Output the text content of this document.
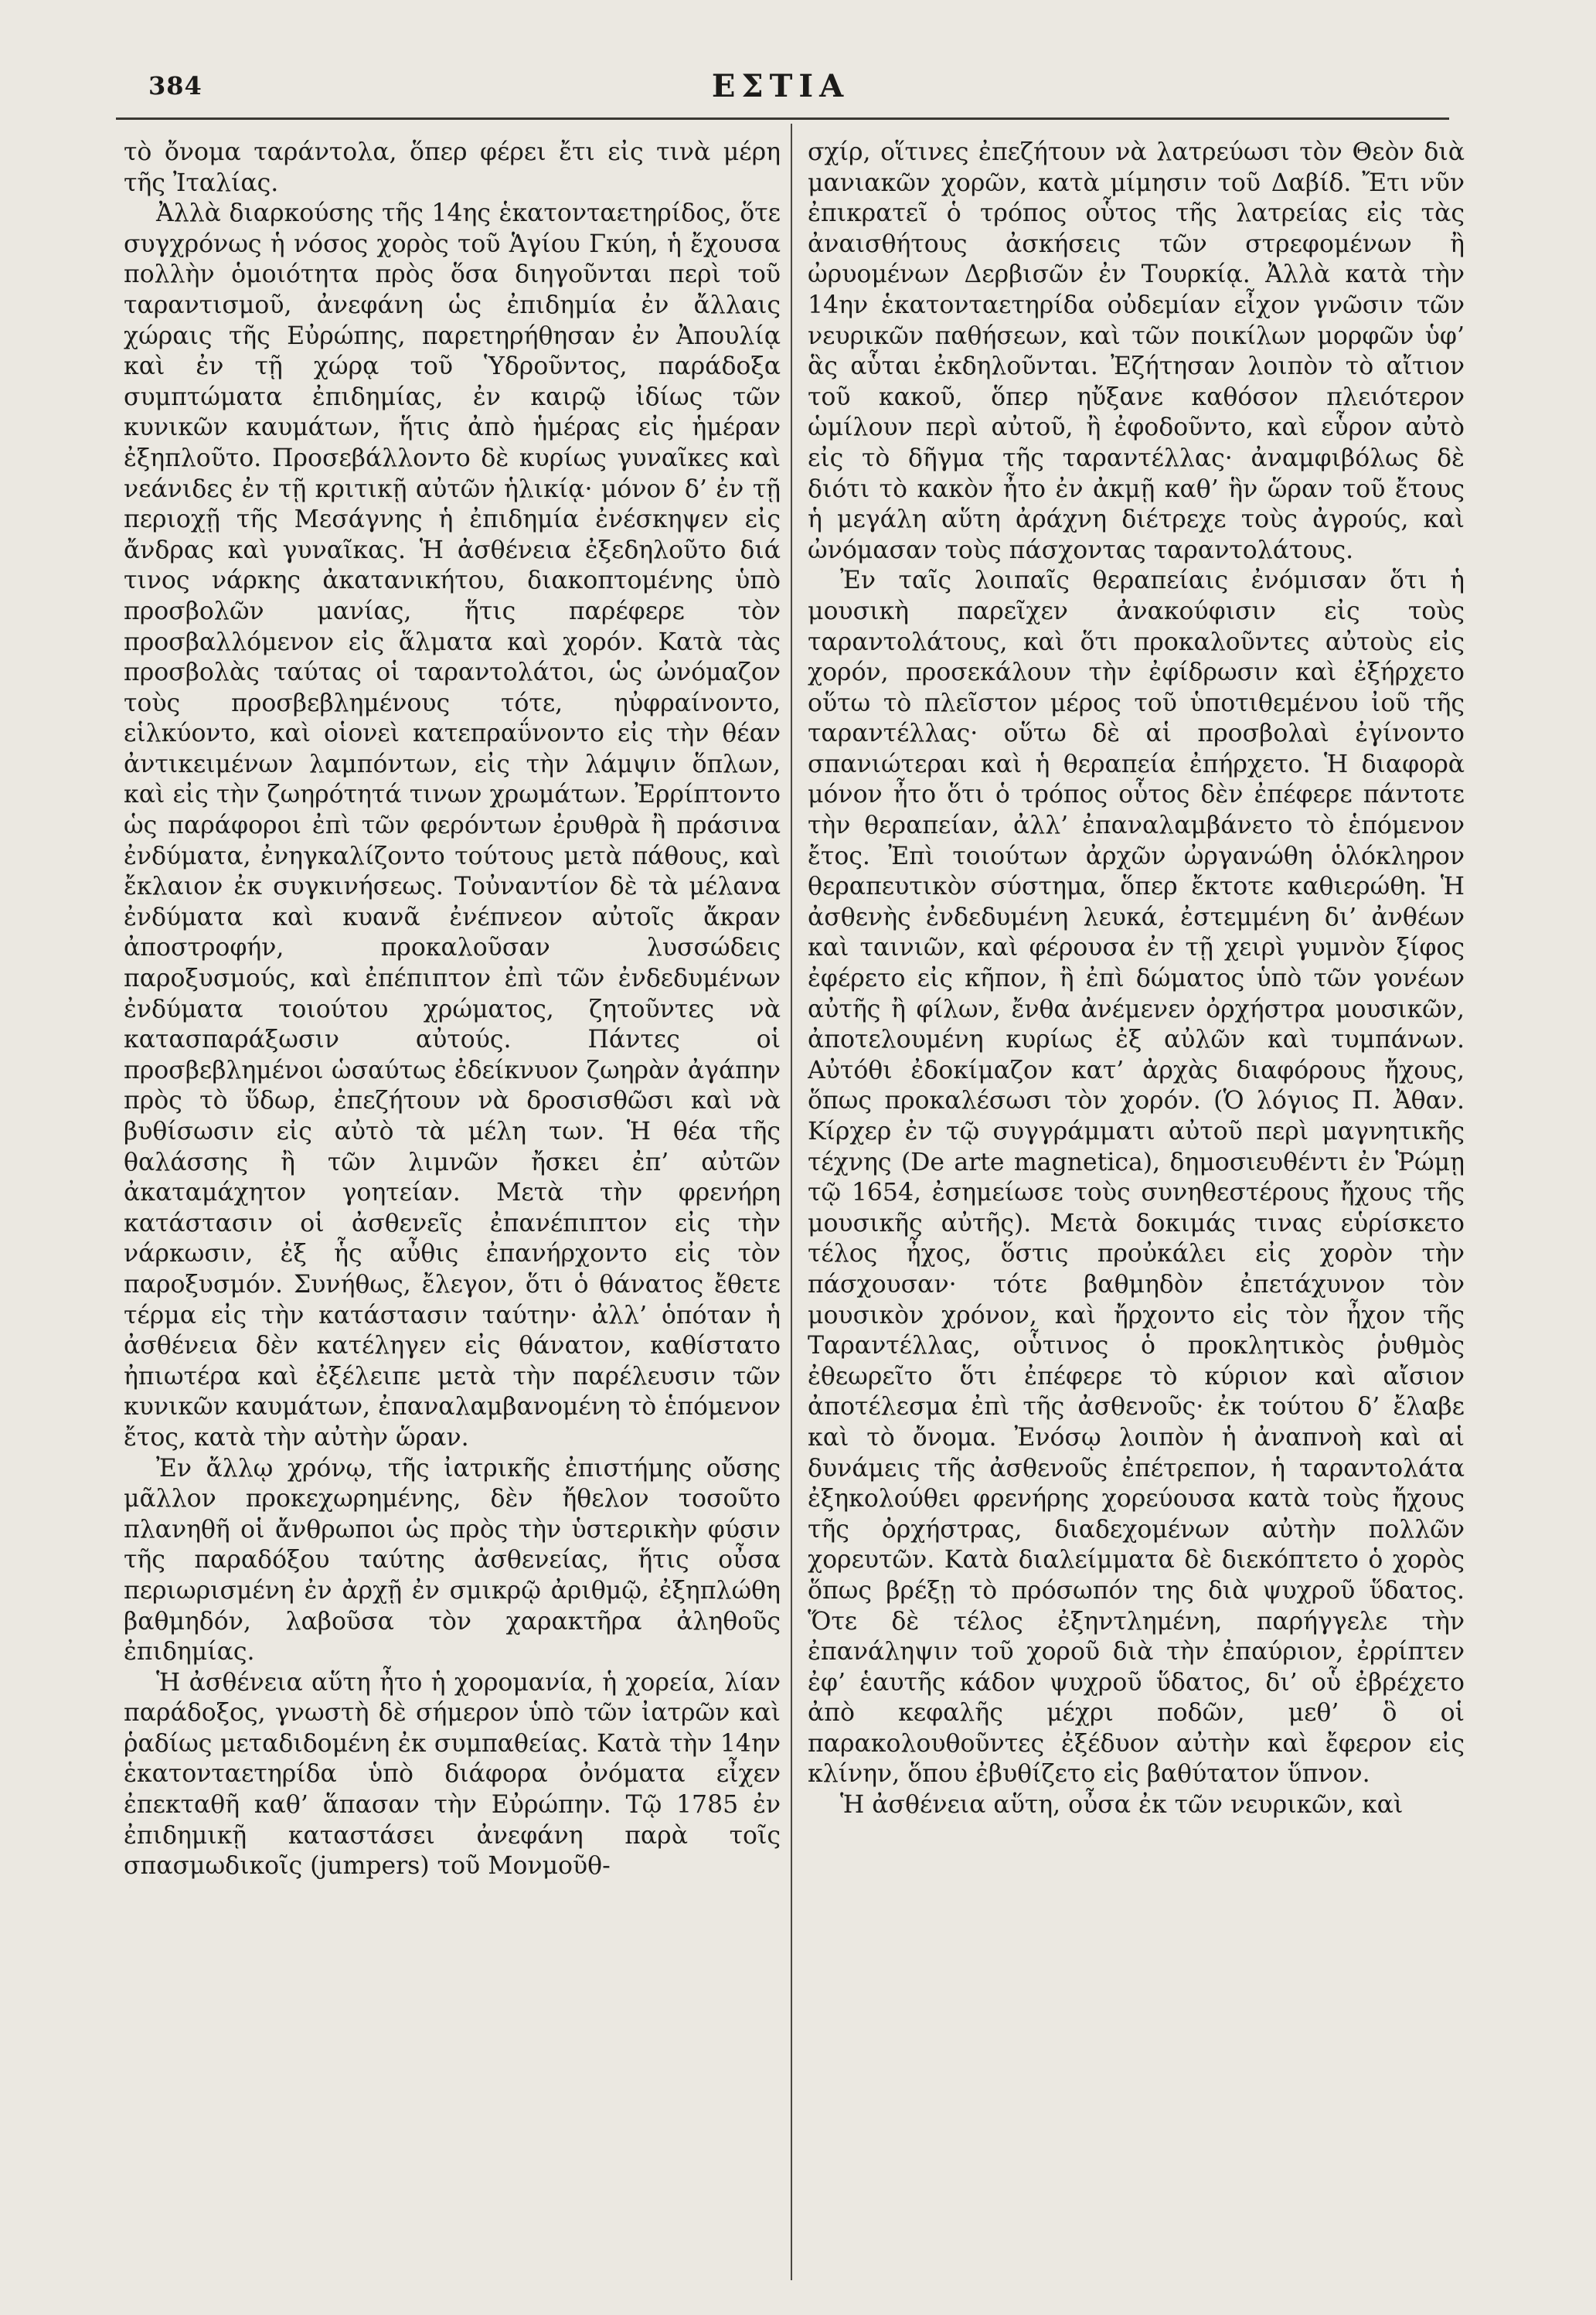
384	ΕΣΤΙΑ

τὸ ὄνομα ταράντολα, ὅπερ φέρει ἔτι εἰς τινὰ μέρη τῆς Ἰταλίας.

Ἀλλὰ διαρκούσης τῆς 14ης ἑκατονταετηρίδος, ὅτε συγχρόνως ἡ νόσος χορὸς τοῦ Ἁγίου Γκύη, ἡ ἔχουσα πολλὴν ὁμοιότητα πρὸς ὅσα διηγοῦνται περὶ τοῦ ταραντισμοῦ, ἀνεφάνη ὡς ἐπιδημία ἐν ἄλλαις χώραις τῆς Εὐρώπης, παρετηρήθησαν ἐν Ἀπουλίᾳ καὶ ἐν τῇ χώρᾳ τοῦ Ὑδροῦντος, παράδοξα συμπτώματα ἐπιδημίας, ἐν καιρῷ ἰδίως τῶν κυνικῶν καυμάτων, ἥτις ἀπὸ ἡμέρας εἰς ἡμέραν ἐξηπλοῦτο. Προσεβάλλοντο δὲ κυρίως γυναῖκες καὶ νεάνιδες ἐν τῇ κριτικῇ αὐτῶν ἡλικίᾳ· μόνον δ’ ἐν τῇ περιοχῇ τῆς Μεσάγνης ἡ ἐπιδημία ἐνέσκηψεν εἰς ἄνδρας καὶ γυναῖκας. Ἡ ἀσθένεια ἐξεδηλοῦτο διά τινος νάρκης ἀκατανικήτου, διακοπτομένης ὑπὸ προσβολῶν μανίας, ἥτις παρέφερε τὸν προσβαλλόμενον εἰς ἅλματα καὶ χορόν. Κατὰ τὰς προσβολὰς ταύτας οἱ ταραντολάτοι, ὡς ὠνόμαζον τοὺς προσβεβλημένους τότε, ηὐφραίνοντο, εἱλκύοντο, καὶ οἱονεὶ κατεπραΰνοντο εἰς τὴν θέαν ἀντικειμένων λαμπόντων, εἰς τὴν λάμψιν ὅπλων, καὶ εἰς τὴν ζωηρότητά τινων χρωμάτων. Ἐρρίπτοντο ὡς παράφοροι ἐπὶ τῶν φερόντων ἐρυθρὰ ἢ πράσινα ἐνδύματα, ἐνηγκαλίζοντο τούτους μετὰ πάθους, καὶ ἔκλαιον ἐκ συγκινήσεως. Τοὐναντίον δὲ τὰ μέλανα ἐνδύματα καὶ κυανᾶ ἐνέπνεον αὐτοῖς ἄκραν ἀποστροφήν, προκαλοῦσαν λυσσώδεις παροξυσμούς, καὶ ἐπέπιπτον ἐπὶ τῶν ἐνδεδυμένων ἐνδύματα τοιούτου χρώματος, ζητοῦντες νὰ κατασπαράξωσιν αὐτούς. Πάντες οἱ προσβεβλημένοι ὡσαύτως ἐδείκνυον ζωηρὰν ἀγάπην πρὸς τὸ ὕδωρ, ἐπεζήτουν νὰ δροσισθῶσι καὶ νὰ βυθίσωσιν εἰς αὐτὸ τὰ μέλη των. Ἡ θέα τῆς θαλάσσης ἢ τῶν λιμνῶν ἤσκει ἐπ’ αὐτῶν ἀκαταμάχητον γοητείαν. Μετὰ τὴν φρενήρη κατάστασιν οἱ ἀσθενεῖς ἐπανέπιπτον εἰς τὴν νάρκωσιν, ἐξ ἧς αὖθις ἐπανήρχοντο εἰς τὸν παροξυσμόν. Συνήθως, ἔλεγον, ὅτι ὁ θάνατος ἔθετε τέρμα εἰς τὴν κατάστασιν ταύτην· ἀλλ’ ὁπόταν ἡ ἀσθένεια δὲν κατέληγεν εἰς θάνατον, καθίστατο ἠπιωτέρα καὶ ἐξέλειπε μετὰ τὴν παρέλευσιν τῶν κυνικῶν καυμάτων, ἐπαναλαμβανομένη τὸ ἑπόμενον ἔτος, κατὰ τὴν αὐτὴν ὥραν.

Ἐν ἄλλῳ χρόνῳ, τῆς ἰατρικῆς ἐπιστήμης οὔσης μᾶλλον προκεχωρημένης, δὲν ἤθελον τοσοῦτο πλανηθῆ οἱ ἄνθρωποι ὡς πρὸς τὴν ὑστερικὴν φύσιν τῆς παραδόξου ταύτης ἀσθενείας, ἥτις οὖσα περιωρισμένη ἐν ἀρχῇ ἐν σμικρῷ ἀριθμῷ, ἐξηπλώθη βαθμηδόν, λαβοῦσα τὸν χαρακτῆρα ἀληθοῦς ἐπιδημίας.

Ἡ ἀσθένεια αὕτη ἦτο ἡ χορομανία, ἡ χορεία, λίαν παράδοξος, γνωστὴ δὲ σήμερον ὑπὸ τῶν ἰατρῶν καὶ ῥαδίως μεταδιδομένη ἐκ συμπαθείας. Κατὰ τὴν 14ην ἑκατονταετηρίδα ὑπὸ διάφορα ὀνόματα εἶχεν ἐπεκταθῆ καθ’ ἅπασαν τὴν Εὐρώπην. Τῷ 1785 ἐν ἐπιδημικῇ καταστάσει ἀνεφάνη παρὰ τοῖς σπασμωδικοῖς (jumpers) τοῦ Μονμοῦθ-

σχίρ, οἵτινες ἐπεζήτουν νὰ λατρεύωσι τὸν Θεὸν διὰ μανιακῶν χορῶν, κατὰ μίμησιν τοῦ Δαβίδ. Ἔτι νῦν ἐπικρατεῖ ὁ τρόπος οὗτος τῆς λατρείας εἰς τὰς ἀναισθήτους ἀσκήσεις τῶν στρεφομένων ἢ ὠρυομένων Δερβισῶν ἐν Τουρκίᾳ. Ἀλλὰ κατὰ τὴν 14ην ἑκατονταετηρίδα οὐδεμίαν εἶχον γνῶσιν τῶν νευρικῶν παθήσεων, καὶ τῶν ποικίλων μορφῶν ὑφ’ ἃς αὗται ἐκδηλοῦνται. Ἐζήτησαν λοιπὸν τὸ αἴτιον τοῦ κακοῦ, ὅπερ ηὔξανε καθόσον πλειότερον ὡμίλουν περὶ αὐτοῦ, ἢ ἐφοδοῦντο, καὶ εὗρον αὐτὸ εἰς τὸ δῆγμα τῆς ταραντέλλας· ἀναμφιβόλως δὲ διότι τὸ κακὸν ἦτο ἐν ἀκμῇ καθ’ ἣν ὥραν τοῦ ἔτους ἡ μεγάλη αὕτη ἀράχνη διέτρεχε τοὺς ἀγρούς, καὶ ὠνόμασαν τοὺς πάσχοντας ταραντολάτους.

Ἐν ταῖς λοιπαῖς θεραπείαις ἐνόμισαν ὅτι ἡ μουσικὴ παρεῖχεν ἀνακούφισιν εἰς τοὺς ταραντολάτους, καὶ ὅτι προκαλοῦντες αὐτοὺς εἰς χορόν, προσεκάλουν τὴν ἐφίδρωσιν καὶ ἐξήρχετο οὕτω τὸ πλεῖστον μέρος τοῦ ὑποτιθεμένου ἰοῦ τῆς ταραντέλλας· οὕτω δὲ αἱ προσβολαὶ ἐγίνοντο σπανιώτεραι καὶ ἡ θεραπεία ἐπήρχετο. Ἡ διαφορὰ μόνον ἦτο ὅτι ὁ τρόπος οὗτος δὲν ἐπέφερε πάντοτε τὴν θεραπείαν, ἀλλ’ ἐπαναλαμβάνετο τὸ ἑπόμενον ἔτος. Ἐπὶ τοιούτων ἀρχῶν ὠργανώθη ὁλόκληρον θεραπευτικὸν σύστημα, ὅπερ ἔκτοτε καθιερώθη. Ἡ ἀσθενὴς ἐνδεδυμένη λευκά, ἐστεμμένη δι’ ἀνθέων καὶ ταινιῶν, καὶ φέρουσα ἐν τῇ χειρὶ γυμνὸν ξίφος ἐφέρετο εἰς κῆπον, ἢ ἐπὶ δώματος ὑπὸ τῶν γονέων αὐτῆς ἢ φίλων, ἔνθα ἀνέμενεν ὀρχήστρα μουσικῶν, ἀποτελουμένη κυρίως ἐξ αὐλῶν καὶ τυμπάνων. Αὐτόθι ἐδοκίμαζον κατ’ ἀρχὰς διαφόρους ἤχους, ὅπως προκαλέσωσι τὸν χορόν. (Ὁ λόγιος Π. Ἀθαν. Κίρχερ ἐν τῷ συγγράμματι αὐτοῦ περὶ μαγνητικῆς τέχνης (De arte magnetica), δημοσιευθέντι ἐν Ῥώμῃ τῷ 1654, ἐσημείωσε τοὺς συνηθεστέρους ἤχους τῆς μουσικῆς αὐτῆς). Μετὰ δοκιμάς τινας εὑρίσκετο τέλος ἦχος, ὅστις προὐκάλει εἰς χορὸν τὴν πάσχουσαν· τότε βαθμηδὸν ἐπετάχυνον τὸν μουσικὸν χρόνον, καὶ ἤρχοντο εἰς τὸν ἦχον τῆς Ταραντέλλας, οὗτινος ὁ προκλητικὸς ῥυθμὸς ἐθεωρεῖτο ὅτι ἐπέφερε τὸ κύριον καὶ αἴσιον ἀποτέλεσμα ἐπὶ τῆς ἀσθενοῦς· ἐκ τούτου δ’ ἔλαβε καὶ τὸ ὄνομα. Ἐνόσῳ λοιπὸν ἡ ἀναπνοὴ καὶ αἱ δυνάμεις τῆς ἀσθενοῦς ἐπέτρεπον, ἡ ταραντολάτα ἐξηκολούθει φρενήρης χορεύουσα κατὰ τοὺς ἤχους τῆς ὀρχήστρας, διαδεχομένων αὐτὴν πολλῶν χορευτῶν. Κατὰ διαλείμματα δὲ διεκόπτετο ὁ χορὸς ὅπως βρέξῃ τὸ πρόσωπόν της διὰ ψυχροῦ ὕδατος. Ὅτε δὲ τέλος ἐξηντλημένη, παρήγγελε τὴν ἐπανάληψιν τοῦ χοροῦ διὰ τὴν ἐπαύριον, ἐρρίπτεν ἐφ’ ἑαυτῆς κάδον ψυχροῦ ὕδατος, δι’ οὗ ἐβρέχετο ἀπὸ κεφαλῆς μέχρι ποδῶν, μεθ’ ὃ οἱ παρακολουθοῦντες ἐξέδυον αὐτὴν καὶ ἔφερον εἰς κλίνην, ὅπου ἐβυθίζετο εἰς βαθύτατον ὕπνον.

Ἡ ἀσθένεια αὕτη, οὖσα ἐκ τῶν νευρικῶν, καὶ
